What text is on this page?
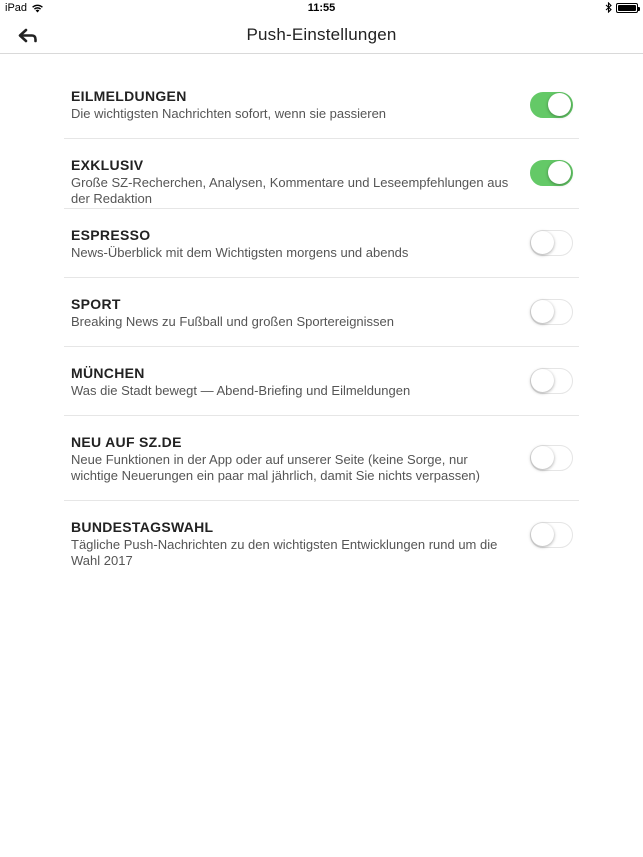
iPad	11:55
Push-Einstellungen
EILMELDUNGEN
Die wichtigsten Nachrichten sofort, wenn sie passieren
EXKLUSIV
Große SZ-Recherchen, Analysen, Kommentare und Leseempfehlungen aus der Redaktion
ESPRESSO
News-Überblick mit dem Wichtigsten morgens und abends
SPORT
Breaking News zu Fußball und großen Sportereignissen
MÜNCHEN
Was die Stadt bewegt — Abend-Briefing und Eilmeldungen
NEU AUF SZ.DE
Neue Funktionen in der App oder auf unserer Seite (keine Sorge, nur wichtige Neuerungen ein paar mal jährlich, damit Sie nichts verpassen)
BUNDESTAGSWAHL
Tägliche Push-Nachrichten zu den wichtigsten Entwicklungen rund um die Wahl 2017
